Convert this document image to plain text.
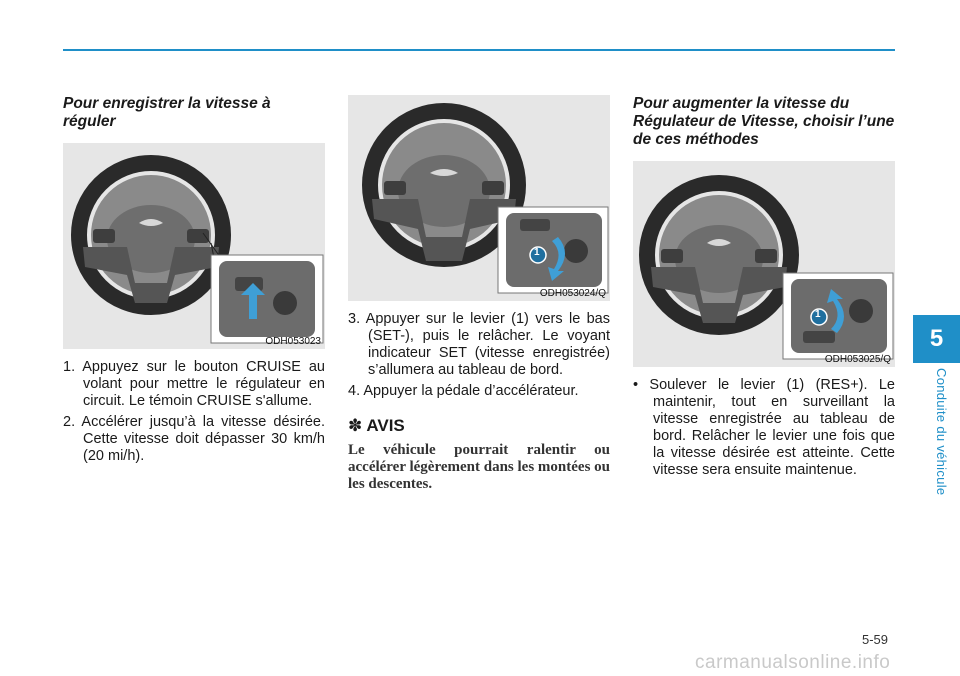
Pour enregistrer la vitesse à réguler
ODH053023
1. Appuyez sur le bouton CRUISE au volant pour mettre le régulateur en circuit. Le témoin CRUISE s'allume.
2. Accélérer jusqu’à la vitesse désirée. Cette vitesse doit dépasser 30 km/h (20 mi/h).
1
ODH053024/Q
3. Appuyer sur le levier (1) vers le bas (SET-), puis le relâcher. Le voyant indicateur SET (vitesse enregistrée) s’allumera au tableau de bord.
4. Appuyer la pédale d’accélérateur.
✽ AVIS
Le véhicule pourrait ralentir ou accélérer légèrement dans les montées ou les descentes.
Pour augmenter la vitesse du Régulateur de Vitesse, choisir l’une de ces méthodes
1
ODH053025/Q
• Soulever le levier (1) (RES+). Le maintenir, tout en surveillant la vitesse enregistrée au tableau de bord. Relâcher le levier une fois que la vitesse désirée est atteinte. Cette vitesse sera ensuite maintenue.
5
Conduite du véhicule
5-59
carmanualsonline.info
